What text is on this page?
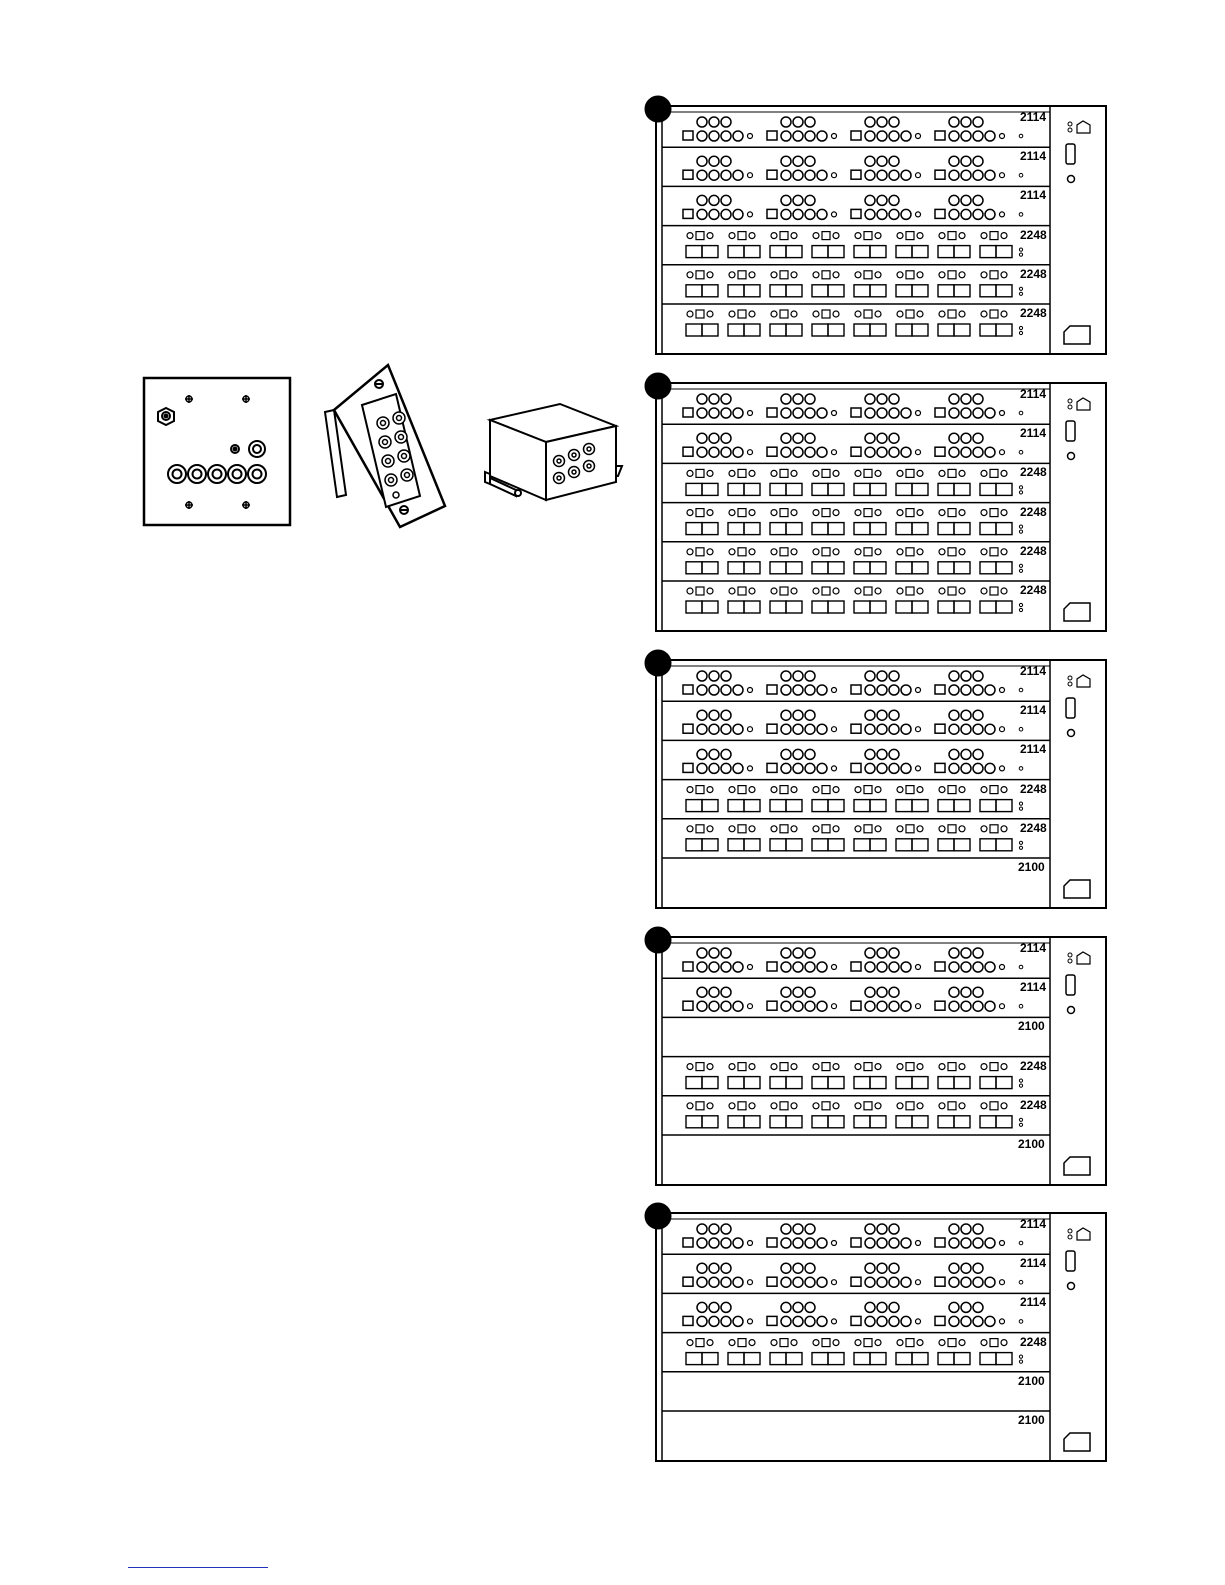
2114
2114
2114
2248
2248
2248
2114
2114
2248
2248
2248
2248
2114
2114
2114
2248
2248
2100
2114
2114
2100
2248
2248
2100
2114
2114
2114
2248
2100
2100
